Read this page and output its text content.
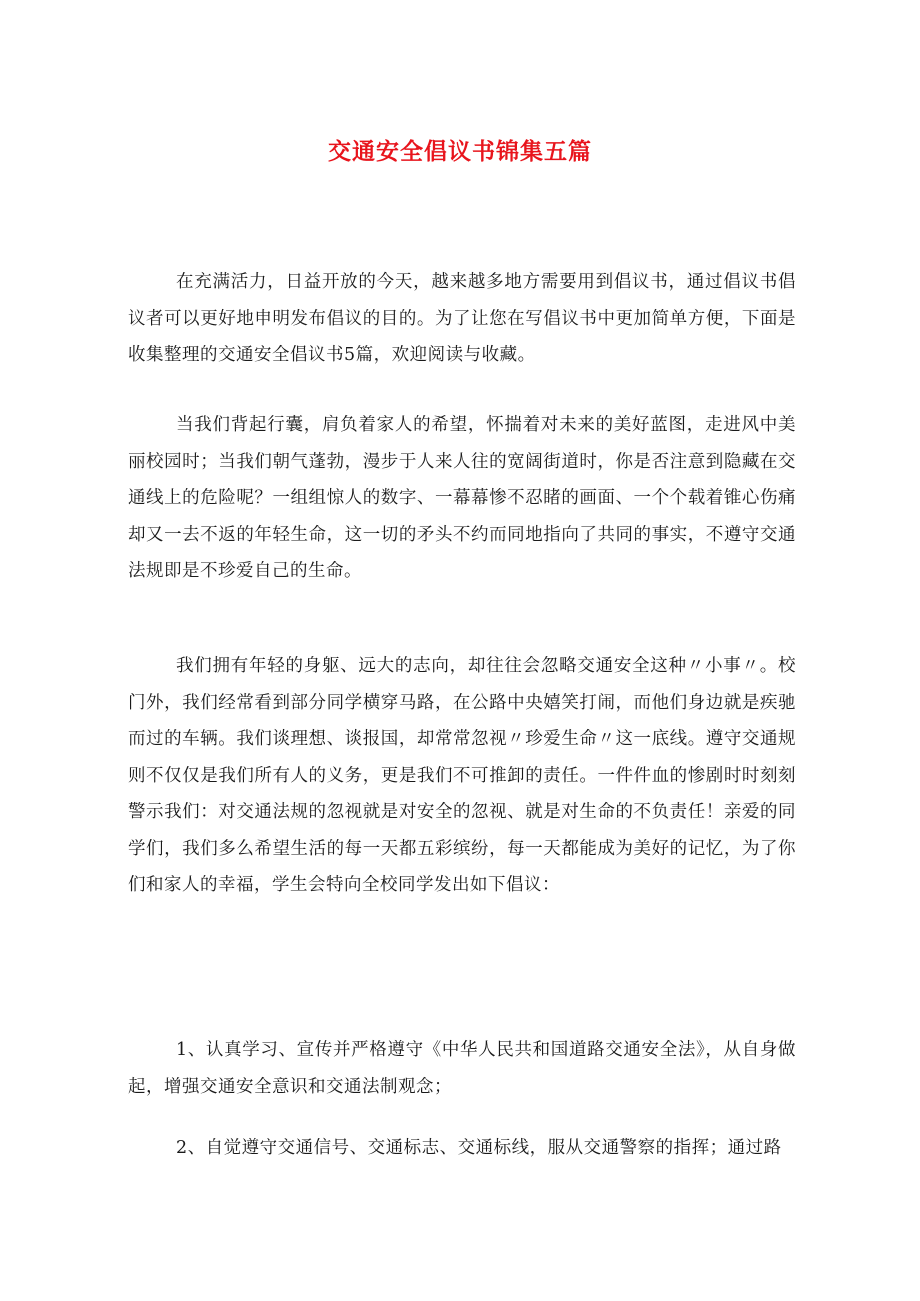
交通安全倡议书锦集五篇

在充满活力，日益开放的今天，越来越多地方需要用到倡议书，通过倡议书倡议者可以更好地申明发布倡议的目的。为了让您在写倡议书中更加简单方便，下面是收集整理的交通安全倡议书5篇，欢迎阅读与收藏。

当我们背起行囊，肩负着家人的希望，怀揣着对未来的美好蓝图，走进风中美丽校园时；当我们朝气蓬勃，漫步于人来人往的宽阔街道时，你是否注意到隐藏在交通线上的危险呢？一组组惊人的数字、一幕幕惨不忍睹的画面、一个个载着锥心伤痛却又一去不返的年轻生命，这一切的矛头不约而同地指向了共同的事实，不遵守交通法规即是不珍爱自己的生命。

我们拥有年轻的身躯、远大的志向，却往往会忽略交通安全这种〃小事〃。校门外，我们经常看到部分同学横穿马路，在公路中央嬉笑打闹，而他们身边就是疾驰而过的车辆。我们谈理想、谈报国，却常常忽视〃珍爱生命〃这一底线。遵守交通规则不仅仅是我们所有人的义务，更是我们不可推卸的责任。一件件血的惨剧时时刻刻警示我们：对交通法规的忽视就是对安全的忽视、就是对生命的不负责任！亲爱的同学们，我们多么希望生活的每一天都五彩缤纷，每一天都能成为美好的记忆，为了你们和家人的幸福，学生会特向全校同学发出如下倡议：

1、认真学习、宣传并严格遵守《中华人民共和国道路交通安全法》，从自身做起，增强交通安全意识和交通法制观念；

2、自觉遵守交通信号、交通标志、交通标线，服从交通警察的指挥；通过路
